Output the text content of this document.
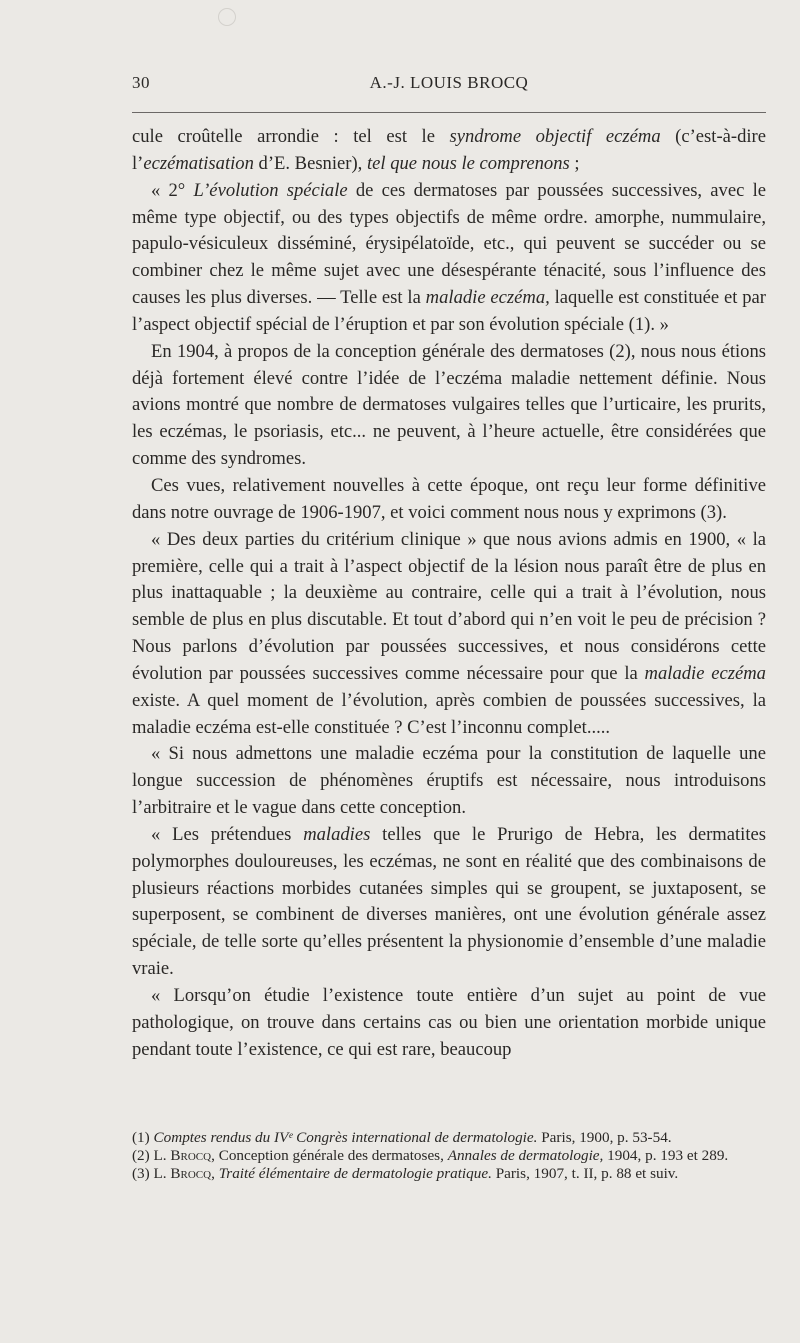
30	A.-J. LOUIS BROCQ

cule croûtelle arrondie : tel est le syndrome objectif eczéma (c’est-à-dire l’eczématisation d’E. Besnier), tel que nous le comprenons ;

« 2° L’évolution spéciale de ces dermatoses par poussées successives, avec le même type objectif, ou des types objectifs de même ordre. amorphe, nummulaire, papulo-vésiculeux disséminé, érysipélatoïde, etc., qui peuvent se succéder ou se combiner chez le même sujet avec une désespérante ténacité, sous l’influence des causes les plus diverses. — Telle est la maladie eczéma, laquelle est constituée et par l’aspect objectif spécial de l’éruption et par son évolution spéciale (1). »

En 1904, à propos de la conception générale des dermatoses (2), nous nous étions déjà fortement élevé contre l’idée de l’eczéma maladie nettement définie. Nous avions montré que nombre de dermatoses vulgaires telles que l’urticaire, les prurits, les eczémas, le psoriasis, etc... ne peuvent, à l’heure actuelle, être considérées que comme des syndromes.

Ces vues, relativement nouvelles à cette époque, ont reçu leur forme définitive dans notre ouvrage de 1906-1907, et voici comment nous nous y exprimons (3).

« Des deux parties du critérium clinique » que nous avions admis en 1900, « la première, celle qui a trait à l’aspect objectif de la lésion nous paraît être de plus en plus inattaquable ; la deuxième au contraire, celle qui a trait à l’évolution, nous semble de plus en plus discutable. Et tout d’abord qui n’en voit le peu de précision ? Nous parlons d’évolution par poussées successives, et nous considérons cette évolution par poussées successives comme nécessaire pour que la maladie eczéma existe. A quel moment de l’évolution, après combien de poussées successives, la maladie eczéma est-elle constituée ? C’est l’inconnu complet.....

« Si nous admettons une maladie eczéma pour la constitution de laquelle une longue succession de phénomènes éruptifs est nécessaire, nous introduisons l’arbitraire et le vague dans cette conception.

« Les prétendues maladies telles que le Prurigo de Hebra, les dermatites polymorphes douloureuses, les eczémas, ne sont en réalité que des combinaisons de plusieurs réactions morbides cutanées simples qui se groupent, se juxtaposent, se superposent, se combinent de diverses manières, ont une évolution générale assez spéciale, de telle sorte qu’elles présentent la physionomie d’ensemble d’une maladie vraie.

« Lorsqu’on étudie l’existence toute entière d’un sujet au point de vue pathologique, on trouve dans certains cas ou bien une orientation morbide unique pendant toute l’existence, ce qui est rare, beaucoup

(1) Comptes rendus du IVᵉ Congrès international de dermatologie. Paris, 1900, p. 53-54.

(2) L. Brocq, Conception générale des dermatoses, Annales de dermatologie, 1904, p. 193 et 289.

(3) L. Brocq, Traité élémentaire de dermatologie pratique. Paris, 1907, t. II, p. 88 et suiv.
